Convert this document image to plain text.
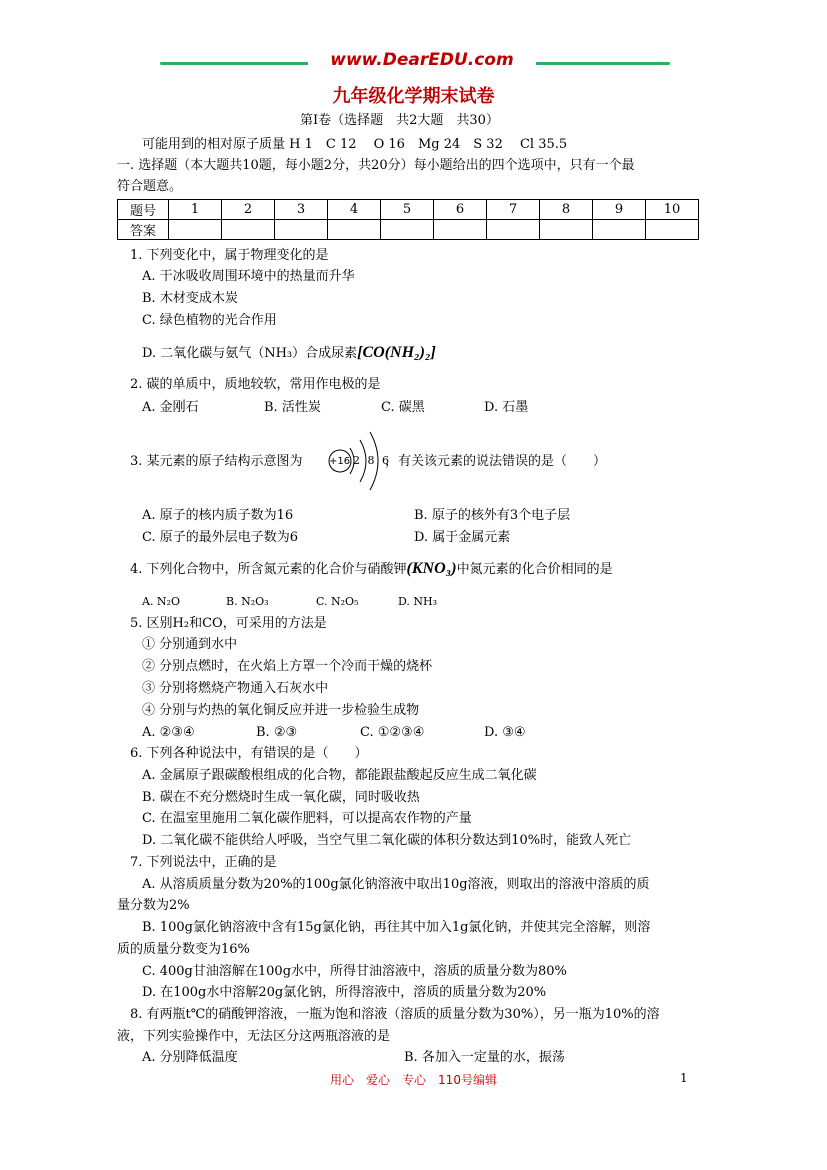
www.DearEDU.com
九年级化学期末试卷
第Ⅰ卷（选择题　共2大题　共30）
可能用到的相对原子质量 H 1　C 12　 O 16　Mg 24　S 32　 Cl 35.5
一. 选择题（本大题共10题，每小题2分，共20分）每小题给出的四个选项中，只有一个最
符合题意。
题号	1	2	3	4	5	6	7	8	9	10
答案										
1. 下列变化中，属于物理变化的是
A. 干冰吸收周围环境中的热量而升华
B. 木材变成木炭
C. 绿色植物的光合作用
D. 二氧化碳与氨气（NH₃）合成尿素[CO(NH₂)₂]
2. 碳的单质中，质地较软，常用作电极的是
A. 金刚石	B. 活性炭	C. 碳黑	D. 石墨
3. 某元素的原子结构示意图为	+16 2 8 6
，有关该元素的说法错误的是（　　）
A. 原子的核内质子数为16	B. 原子的核外有3个电子层
C. 原子的最外层电子数为6	D. 属于金属元素
4. 下列化合物中，所含氮元素的化合价与硝酸钾(KNO₃)中氮元素的化合价相同的是
A. N₂O	B. N₂O₃	C. N₂O₅	D. NH₃
5. 区别H₂和CO，可采用的方法是
① 分别通到水中
② 分别点燃时，在火焰上方罩一个冷而干燥的烧杯
③ 分别将燃烧产物通入石灰水中
④ 分别与灼热的氧化铜反应并进一步检验生成物
A. ②③④	B. ②③	C. ①②③④	D. ③④
6. 下列各种说法中，有错误的是（　　）
A. 金属原子跟碳酸根组成的化合物，都能跟盐酸起反应生成二氧化碳
B. 碳在不充分燃烧时生成一氧化碳，同时吸收热
C. 在温室里施用二氧化碳作肥料，可以提高农作物的产量
D. 二氧化碳不能供给人呼吸，当空气里二氧化碳的体积分数达到10%时，能致人死亡
7. 下列说法中，正确的是
A. 从溶质质量分数为20%的100g氯化钠溶液中取出10g溶液，则取出的溶液中溶质的质
量分数为2%
B. 100g氯化钠溶液中含有15g氯化钠，再往其中加入1g氯化钠，并使其完全溶解，则溶
质的质量分数变为16%
C. 400g甘油溶解在100g水中，所得甘油溶液中，溶质的质量分数为80%
D. 在100g水中溶解20g氯化钠，所得溶液中，溶质的质量分数为20%
8. 有两瓶t℃的硝酸钾溶液，一瓶为饱和溶液（溶质的质量分数为30%），另一瓶为10%的溶
液，下列实验操作中，无法区分这两瓶溶液的是
A. 分别降低温度	B. 各加入一定量的水，振荡
用心　爱心　专心　110号编辑	1
